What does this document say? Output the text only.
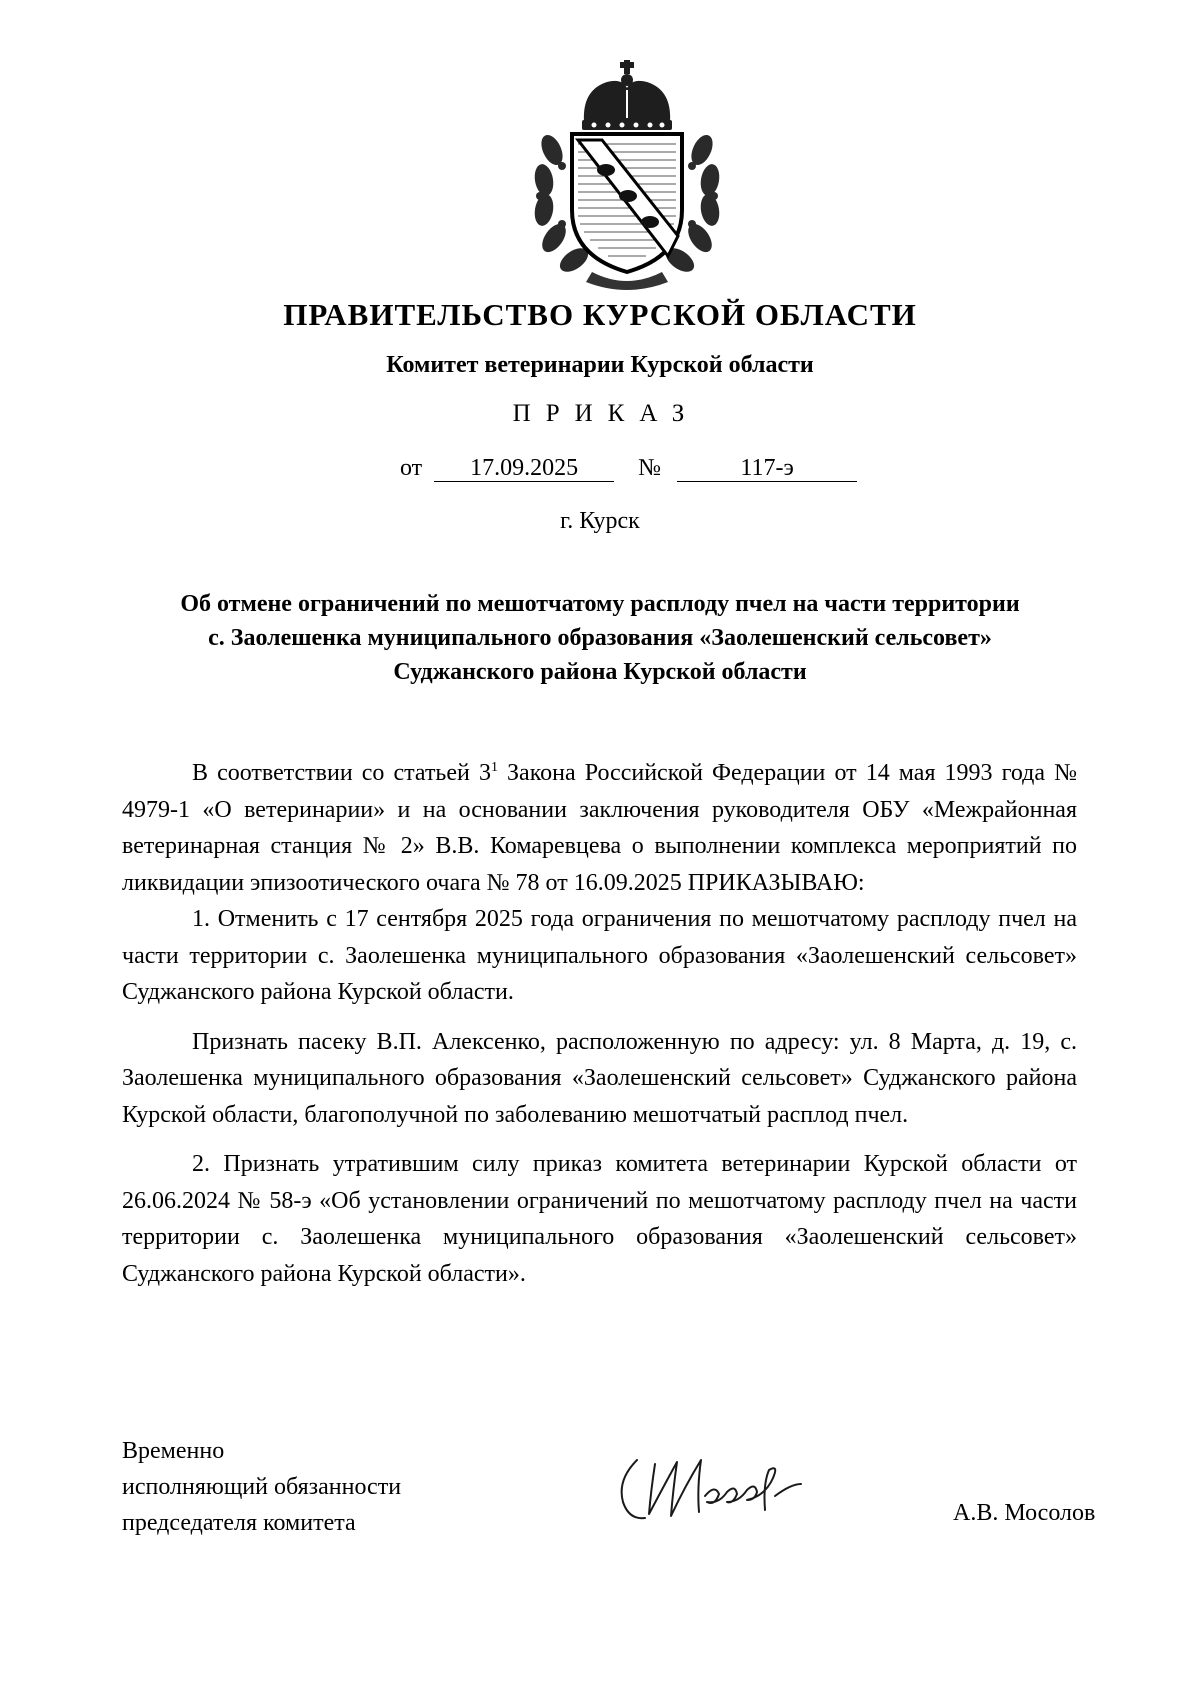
ПРАВИТЕЛЬСТВО КУРСКОЙ ОБЛАСТИ
Комитет ветеринарии Курской области
ПРИКАЗ
от 17.09.2025	№	117-э
г. Курск
Об отмене ограничений по мешотчатому расплоду пчел на части территории
с. Заолешенка муниципального образования «Заолешенский сельсовет»
Суджанского района Курской области

В соответствии со статьей $3^1$ Закона Российской Федерации от 14 мая 1993 года № 4979-1 «О ветеринарии» и на основании заключения руководителя ОБУ «Межрайонная ветеринарная станция № 2» В.В. Комаревцева о выполнении комплекса мероприятий по ликвидации эпизоотического очага № 78 от 16.09.2025 ПРИКАЗЫВАЮ:

1. Отменить с 17 сентября 2025 года ограничения по мешотчатому расплоду пчел на части территории с. Заолешенка муниципального образования «Заолешенский сельсовет» Суджанского района Курской области.

Признать пасеку В.П. Алексенко, расположенную по адресу: ул. 8 Марта, д. 19, с. Заолешенка муниципального образования «Заолешенский сельсовет» Суджанского района Курской области, благополучной по заболеванию мешотчатый расплод пчел.

2. Признать утратившим силу приказ комитета ветеринарии Курской области от 26.06.2024 № 58-э «Об установлении ограничений по мешотчатому расплоду пчел на части территории с. Заолешенка муниципального образования «Заолешенский сельсовет» Суджанского района Курской области».

Временно
исполняющий обязанности
председателя комитета	А.В. Мосолов
